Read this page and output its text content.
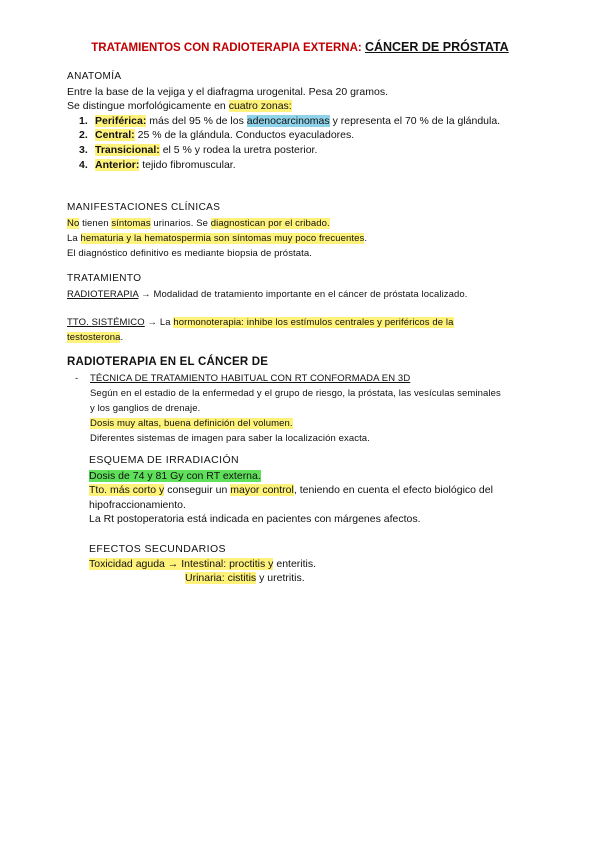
TRATAMIENTOS CON RADIOTERAPIA EXTERNA: CÁNCER DE PRÓSTATA
ANATOMÍA
Entre la base de la vejiga y el diafragma urogenital. Pesa 20 gramos.
Se distingue morfológicamente en cuatro zonas:
1. Periférica: más del 95 % de los adenocarcinomas y representa el 70 % de la glándula.
2. Central: 25 % de la glándula. Conductos eyaculadores.
3. Transicional: el 5 % y rodea la uretra posterior.
4. Anterior: tejido fibromuscular.
MANIFESTACIONES CLÍNICAS
No tienen síntomas urinarios. Se diagnostican por el cribado.
La hematuria y la hematospermia son síntomas muy poco frecuentes.
El diagnóstico definitivo es mediante biopsia de próstata.
TRATAMIENTO
RADIOTERAPIA → Modalidad de tratamiento importante en el cáncer de próstata localizado.
TTO. SISTÉMICO → La hormonoterapia: inhibe los estímulos centrales y periféricos de la
testosterona.
RADIOTERAPIA EN EL CÁNCER DE
- TÉCNICA DE TRATAMIENTO HABITUAL CON RT CONFORMADA EN 3D
Según en el estadio de la enfermedad y el grupo de riesgo, la próstata, las vesículas seminales
y los ganglios de drenaje.
Dosis muy altas, buena definición del volumen.
Diferentes sistemas de imagen para saber la localización exacta.
ESQUEMA DE IRRADIACIÓN
Dosis de 74 y 81 Gy con RT externa.
Tto. más corto y conseguir un mayor control, teniendo en cuenta el efecto biológico del
hipofraccionamiento.
La Rt postoperatoria está indicada en pacientes con márgenes afectos.
EFECTOS SECUNDARIOS
Toxicidad aguda → Intestinal: proctitis y enteritis.
Urinaria: cistitis y uretritis.
